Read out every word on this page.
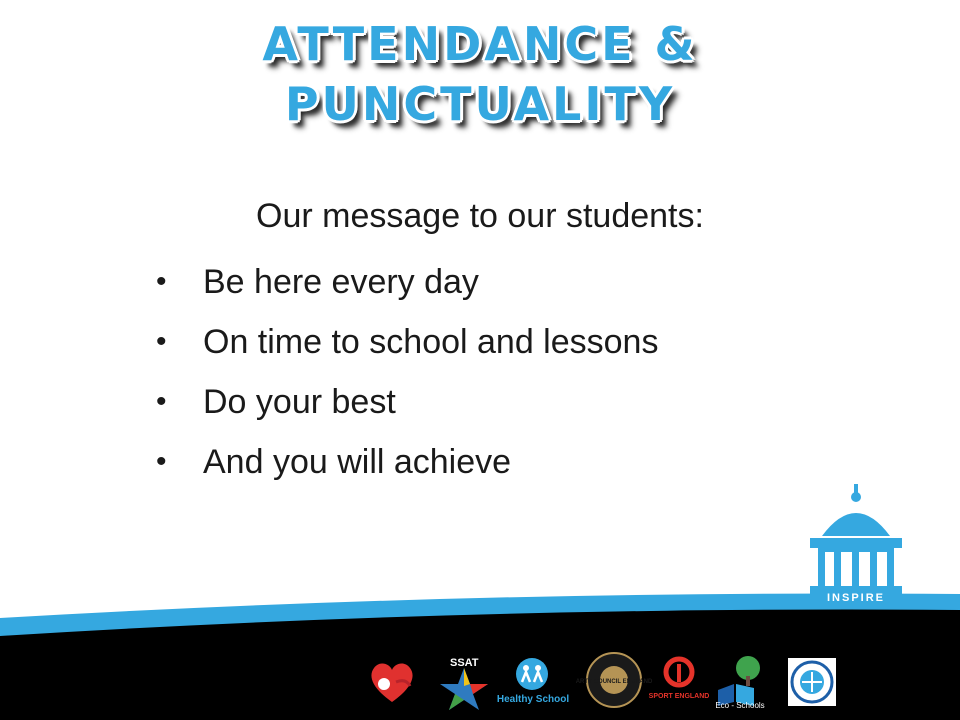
ATTENDANCE &
PUNCTUALITY
Our message to our students:
• Be here every day
• On time to school and lessons
• Do your best
• And you will achieve
INSPIRE
SSAT
Healthy School
ARTS COUNCIL ENGLAND
SPORT ENGLAND
Eco - Schools
